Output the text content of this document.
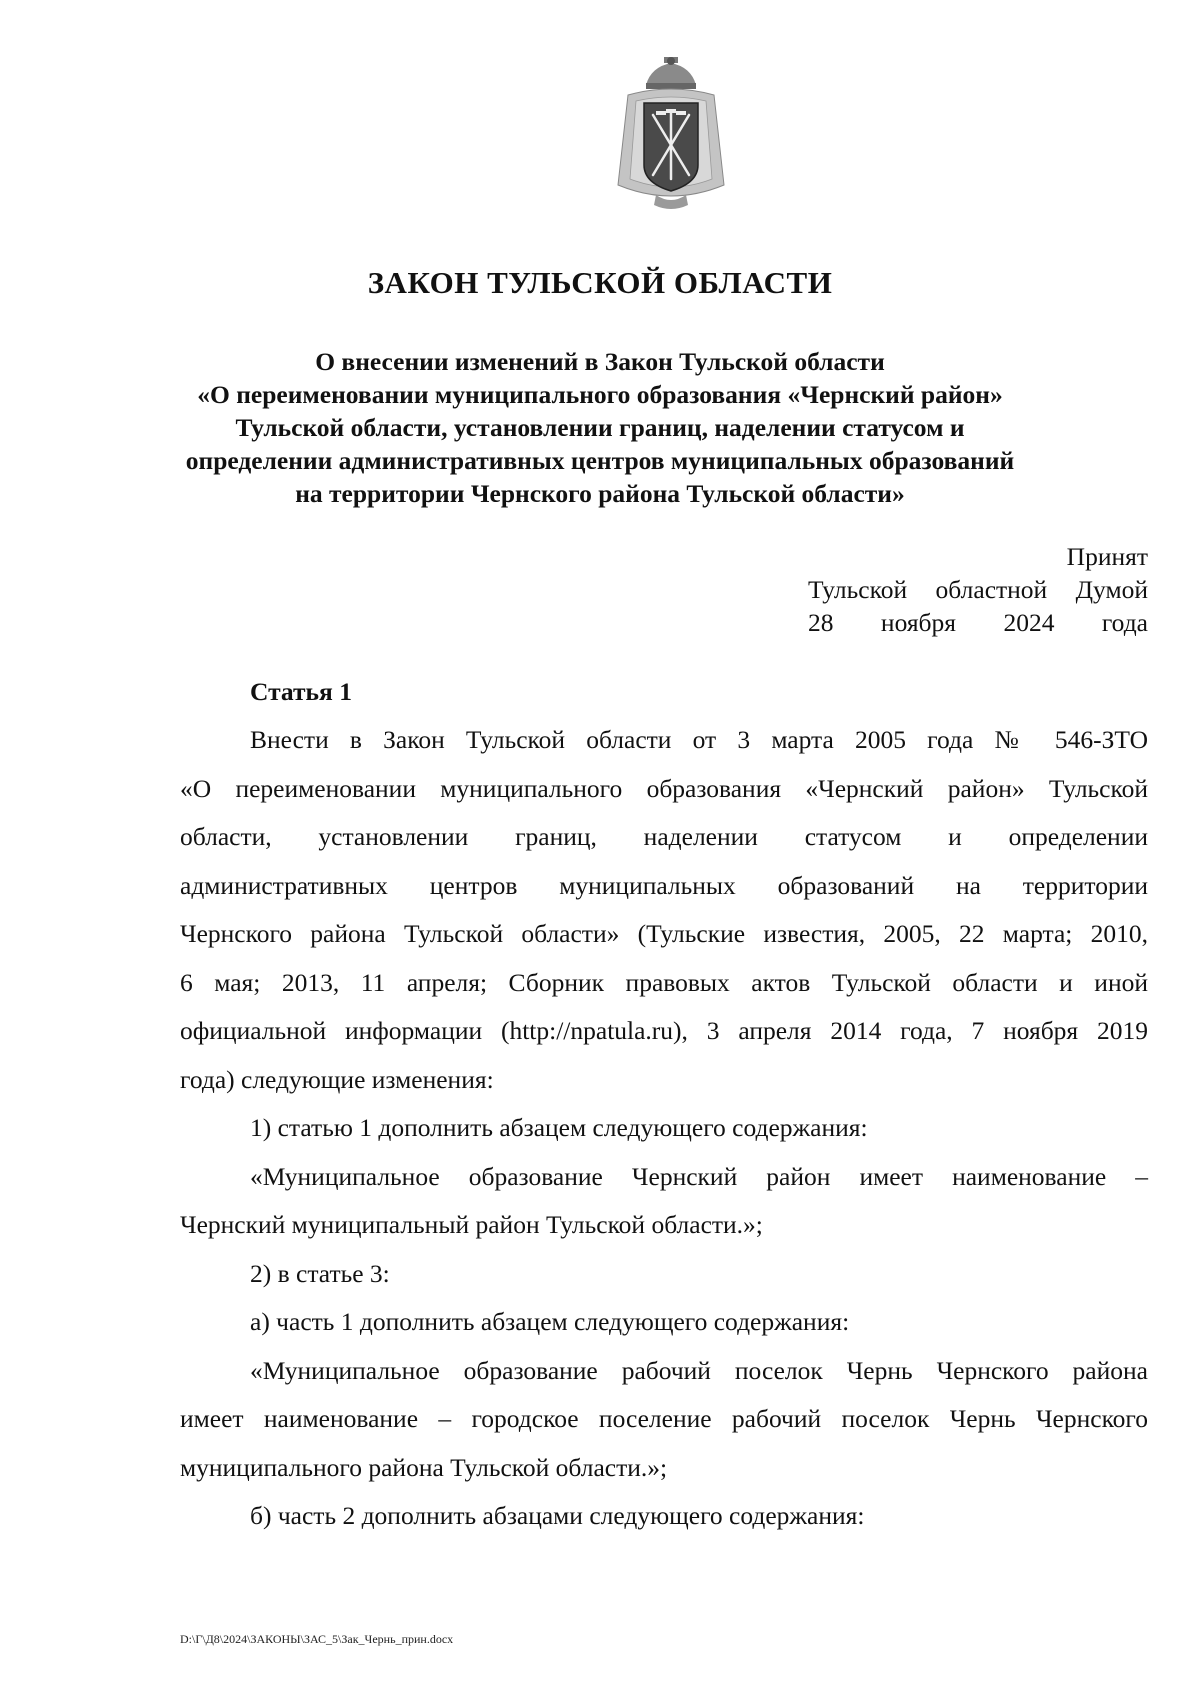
ЗАКОН ТУЛЬСКОЙ ОБЛАСТИ
О внесении изменений в Закон Тульской области
«О переименовании муниципального образования «Чернский район»
Тульской области, установлении границ, наделении статусом и
определении административных центров муниципальных образований
на территории Чернского района Тульской области»
Принят
Тульской областной Думой
28 ноября 2024 года
Статья 1

Внести в Закон Тульской области от 3 марта 2005 года № 546-ЗТО

«О переименовании муниципального образования «Чернский район» Тульской

области, установлении границ, наделении статусом и определении

административных центров муниципальных образований на территории

Чернского района Тульской области» (Тульские известия, 2005, 22 марта; 2010,

6 мая; 2013, 11 апреля; Сборник правовых актов Тульской области и иной

официальной информации (http://npatula.ru), 3 апреля 2014 года, 7 ноября 2019

года) следующие изменения:

1) статью 1 дополнить абзацем следующего содержания:

«Муниципальное образование Чернский район имеет наименование –

Чернский муниципальный район Тульской области.»;

2) в статье 3:

а) часть 1 дополнить абзацем следующего содержания:

«Муниципальное образование рабочий поселок Чернь Чернского района

имеет наименование – городское поселение рабочий поселок Чернь Чернского

муниципального района Тульской области.»;

б) часть 2 дополнить абзацами следующего содержания:

D:\Г\Д8\2024\ЗАКОНЫ\ЗАС_5\Зак_Чернь_прин.docx
